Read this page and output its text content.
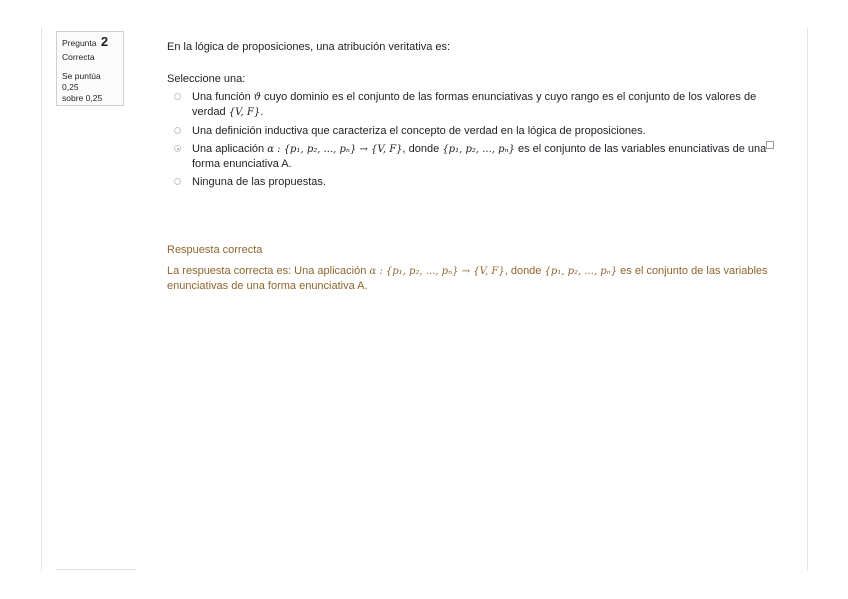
Pregunta 2
Correcta
Se puntúa 0,25
sobre 0,25

En la lógica de proposiciones, una atribución veritativa es:

Seleccione una:
Una función ϑ cuyo dominio es el conjunto de las formas enunciativas y cuyo rango es el conjunto de los valores de verdad {V, F}.
Una definición inductiva que caracteriza el concepto de verdad en la lógica de proposiciones.
Una aplicación α : {p₁, p₂, ..., pₙ} → {V, F}, donde {p₁, p₂, ..., pₙ} es el conjunto de las variables enunciativas de una forma enunciativa A.
Ninguna de las propuestas.
Respuesta correcta
La respuesta correcta es: Una aplicación α : {p₁, p₂, ..., pₙ} → {V, F}, donde {p₁, p₂, ..., pₙ} es el conjunto de las variables enunciativas de una forma enunciativa A.
